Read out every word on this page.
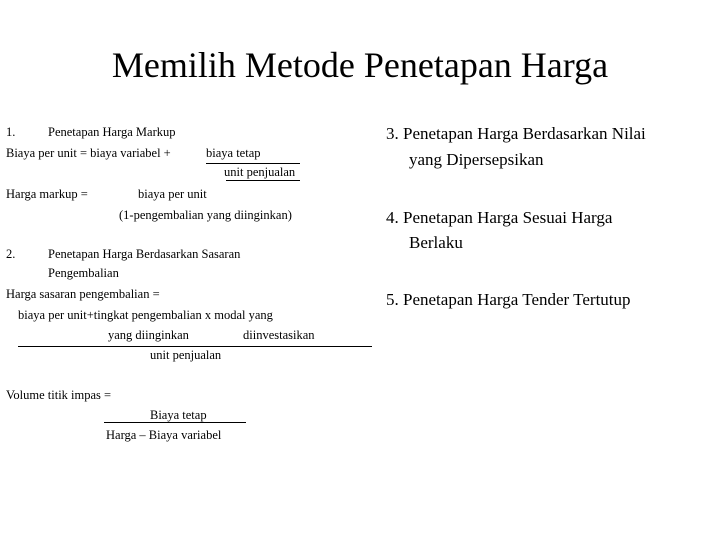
Memilih Metode Penetapan Harga
1.	Penetapan Harga Markup
Biaya per unit = biaya variabel +	biaya tetap
unit penjualan
Harga markup =	biaya per unit
(1-pengembalian yang diinginkan)
2.	Penetapan Harga Berdasarkan Sasaran
Pengembalian
Harga sasaran pengembalian =
biaya per unit+tingkat pengembalian x modal yang
yang diinginkan	diinvestasikan
unit penjualan
Volume titik impas =
Biaya tetap
Harga – Biaya variabel
3. Penetapan Harga Berdasarkan Nilai
yang Dipersepsikan
4. Penetapan Harga Sesuai Harga
Berlaku
5. Penetapan Harga Tender Tertutup
